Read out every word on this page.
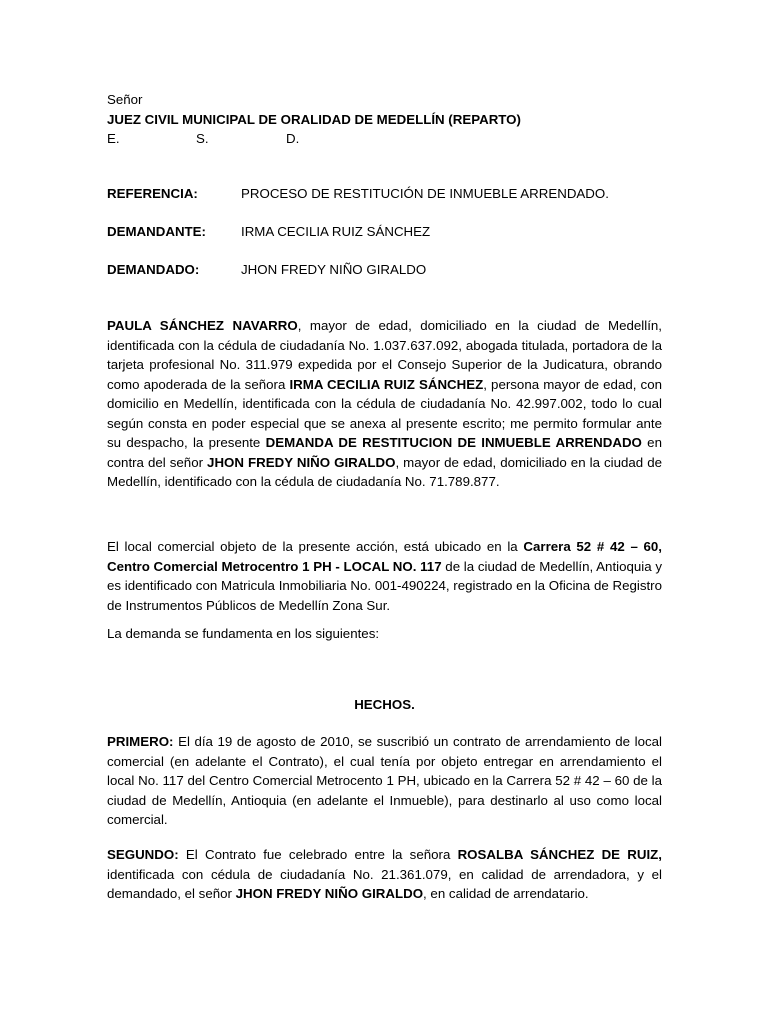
Señor
JUEZ CIVIL MUNICIPAL DE ORALIDAD DE MEDELLÍN (REPARTO)
E.	S.	D.
REFERENCIA:	PROCESO DE RESTITUCIÓN DE INMUEBLE ARRENDADO.
DEMANDANTE:	IRMA CECILIA RUIZ SÁNCHEZ
DEMANDADO:	JHON FREDY NIÑO GIRALDO

PAULA SÁNCHEZ NAVARRO, mayor de edad, domiciliado en la ciudad de Medellín, identificada con la cédula de ciudadanía No. 1.037.637.092, abogada titulada, portadora de la tarjeta profesional No. 311.979 expedida por el Consejo Superior de la Judicatura, obrando como apoderada de la señora IRMA CECILIA RUIZ SÁNCHEZ, persona mayor de edad, con domicilio en Medellín, identificada con la cédula de ciudadanía No. 42.997.002, todo lo cual según consta en poder especial que se anexa al presente escrito; me permito formular ante su despacho, la presente DEMANDA DE RESTITUCION DE INMUEBLE ARRENDADO en contra del señor JHON FREDY NIÑO GIRALDO, mayor de edad, domiciliado en la ciudad de Medellín, identificado con la cédula de ciudadanía No. 71.789.877.

El local comercial objeto de la presente acción, está ubicado en la Carrera 52 # 42 – 60, Centro Comercial Metrocentro 1 PH - LOCAL NO. 117 de la ciudad de Medellín, Antioquia y es identificado con Matricula Inmobiliaria No. 001-490224, registrado en la Oficina de Registro de Instrumentos Públicos de Medellín Zona Sur.

La demanda se fundamenta en los siguientes:

HECHOS.

PRIMERO: El día 19 de agosto de 2010, se suscribió un contrato de arrendamiento de local comercial (en adelante el Contrato), el cual tenía por objeto entregar en arrendamiento el local No. 117 del Centro Comercial Metrocento 1 PH, ubicado en la Carrera 52 # 42 – 60 de la ciudad de Medellín, Antioquia (en adelante el Inmueble), para destinarlo al uso como local comercial.

SEGUNDO: El Contrato fue celebrado entre la señora ROSALBA SÁNCHEZ DE RUIZ, identificada con cédula de ciudadanía No. 21.361.079, en calidad de arrendadora, y el demandado, el señor JHON FREDY NIÑO GIRALDO, en calidad de arrendatario.
